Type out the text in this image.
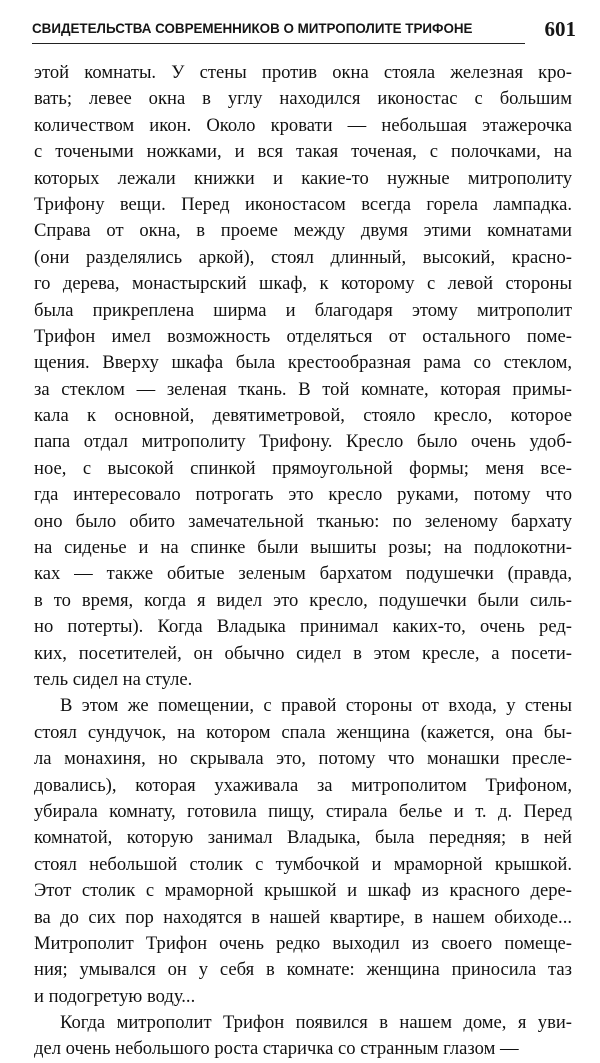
СВИДЕТЕЛЬСТВА СОВРЕМЕННИКОВ О МИТРОПОЛИТЕ ТРИФОНЕ	601
этой комнаты. У стены против окна стояла железная кро-
вать; левее окна в углу находился иконостас с большим
количеством икон. Около кровати — небольшая этажерочка
с точеными ножками, и вся такая точеная, с полочками, на
которых лежали книжки и какие-то нужные митрополиту
Трифону вещи. Перед иконостасом всегда горела лампадка.
Справа от окна, в проеме между двумя этими комнатами
(они разделялись аркой), стоял длинный, высокий, красно-
го дерева, монастырский шкаф, к которому с левой стороны
была прикреплена ширма и благодаря этому митрополит
Трифон имел возможность отделяться от остального поме-
щения. Вверху шкафа была крестообразная рама со стеклом,
за стеклом — зеленая ткань. В той комнате, которая примы-
кала к основной, девятиметровой, стояло кресло, которое
папа отдал митрополиту Трифону. Кресло было очень удоб-
ное, с высокой спинкой прямоугольной формы; меня все-
гда интересовало потрогать это кресло руками, потому что
оно было обито замечательной тканью: по зеленому бархату
на сиденье и на спинке были вышиты розы; на подлокотни-
ках — также обитые зеленым бархатом подушечки (правда,
в то время, когда я видел это кресло, подушечки были силь-
но потерты). Когда Владыка принимал каких-то, очень ред-
ких, посетителей, он обычно сидел в этом кресле, а посети-
тель сидел на стуле.
В этом же помещении, с правой стороны от входа, у стены
стоял сундучок, на котором спала женщина (кажется, она бы-
ла монахиня, но скрывала это, потому что монашки пресле-
довались), которая ухаживала за митрополитом Трифоном,
убирала комнату, готовила пищу, стирала белье и т. д. Перед
комнатой, которую занимал Владыка, была передняя; в ней
стоял небольшой столик с тумбочкой и мраморной крышкой.
Этот столик с мраморной крышкой и шкаф из красного дере-
ва до сих пор находятся в нашей квартире, в нашем обиходе...
Митрополит Трифон очень редко выходил из своего помеще-
ния; умывался он у себя в комнате: женщина приносила таз
и подогретую воду...
Когда митрополит Трифон появился в нашем доме, я уви-
дел очень небольшого роста старичка со странным глазом —
